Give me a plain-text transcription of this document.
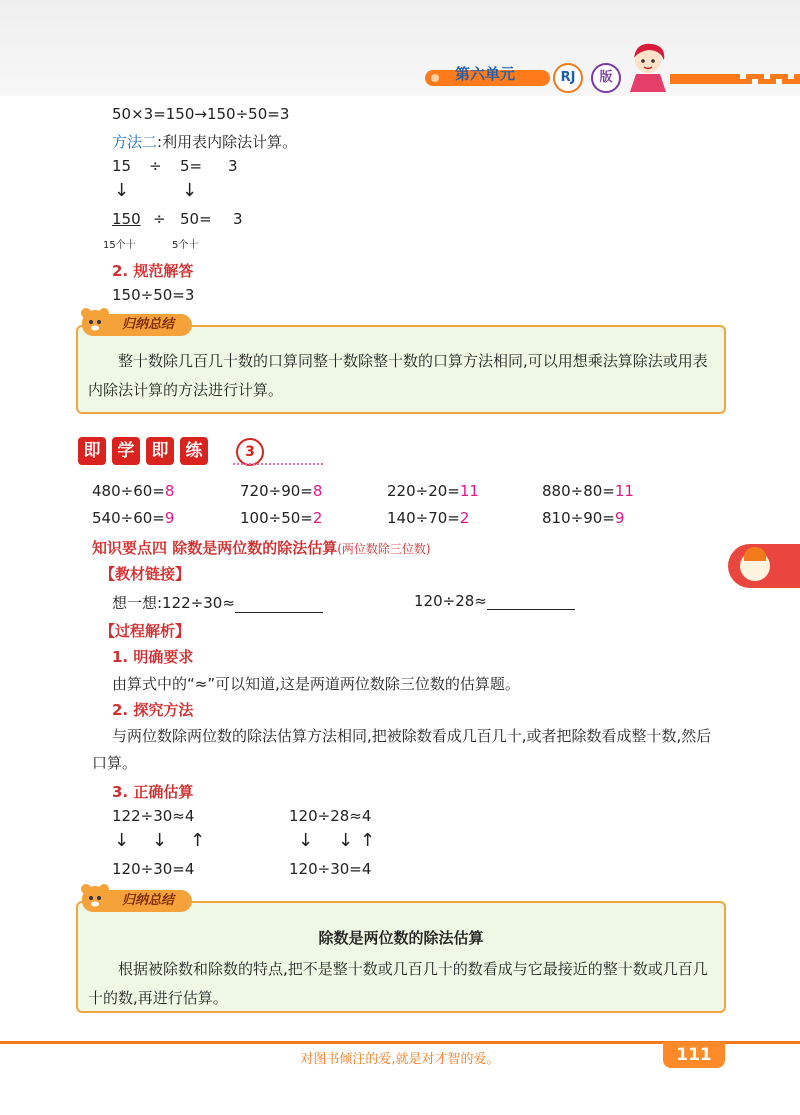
第六单元	RJ	版
50×3=150→150÷50=3
方法二:利用表内除法计算。
15 ÷ 5= 3
↓	↓
150 ÷ 50= 3
15个十	5个十
2. 规范解答
150÷50=3
整十数除几百几十数的口算同整十数除整十数的口算方法相同,可以用想乘法算除法或用表内除法计算的方法进行计算。
归纳总结
即 学 即 练	3
480÷60=8	720÷90=8	220÷20=11	880÷80=11
540÷60=9	100÷50=2	140÷70=2	810÷90=9
知识要点四 除数是两位数的除法估算(两位数除三位数)
【教材链接】
想一想:122÷30≈	120÷28≈
【过程解析】
1. 明确要求
由算式中的“≈”可以知道,这是两道两位数除三位数的估算题。
2. 探究方法
与两位数除两位数的除法估算方法相同,把被除数看成几百几十,或者把除数看成整十数,然后口算。
3. 正确估算
122÷30≈4
↓ ↓ ↑
120÷30=4
120÷28≈4
↓ ↓ ↑
120÷30=4
除数是两位数的除法估算
根据被除数和除数的特点,把不是整十数或几百几十的数看成与它最接近的整十数或几百几十的数,再进行估算。
归纳总结
对图书倾注的爱,就是对才智的爱。	111
